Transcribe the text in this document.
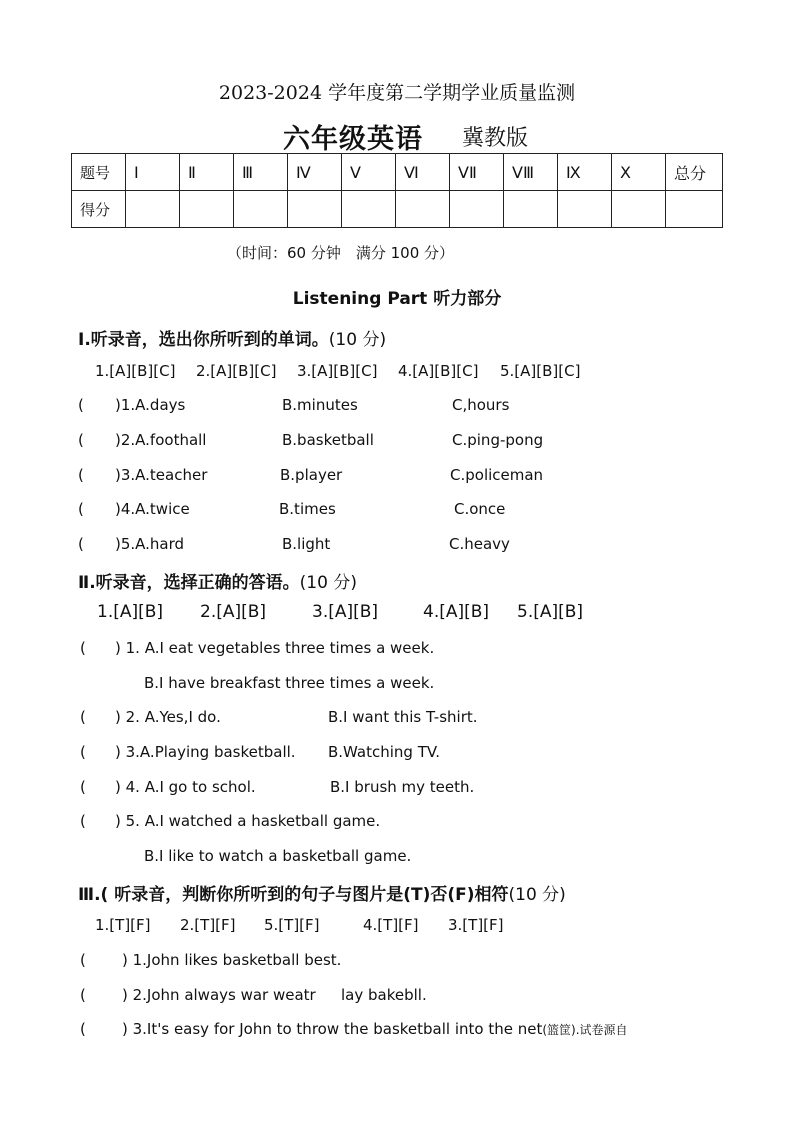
2023-2024 学年度第二学期学业质量监测
六年级英语 冀教版
题号	I	Ⅱ	Ⅲ	Ⅳ	Ⅴ	Ⅵ	ⅤⅡ	ⅤⅢ	Ⅸ	Ⅹ	总分
得分											
（时间：60 分钟　满分 100 分）
Listening Part 听力部分
I.听录音，选出你所听到的单词。(10 分)
1.[A][B][C] 2.[A][B][C] 3.[A][B][C] 4.[A][B][C] 5.[A][B][C]
( )1.A.days	B.minutes	C,hours
( )2.A.foothall	B.basketball	C.ping-pong
( )3.A.teacher	B.player	C.policeman
( )4.A.twice	B.times	C.once
( )5.A.hard	B.light	C.heavy
Ⅱ.听录音，选择正确的答语。(10 分)
1.[A][B] 2.[A][B]	3.[A][B]	4.[A][B] 5.[A][B]
( ) 1. A.I eat vegetables three times a week.
B.I have breakfast three times a week.
( ) 2. A.Yes,I do.	B.I want this T-shirt.
( ) 3.A.Playing basketball. B.Watching TV.
( ) 4. A.I go to schol.	B.I brush my teeth.
( ) 5. A.I watched a hasketball game.
B.I like to watch a basketball game.
Ⅲ.( 听录音，判断你所听到的句子与图片是(T)否(F)相符(10 分)
1.[T][F] 2.[T][F] 5.[T][F]	4.[T][F] 3.[T][F]
( ) 1.John likes basketball best.
( ) 2.John always war weatr lay bakebll.
( ) 3.It's easy for John to throw the basketball into the net(篮筐).试卷源自
